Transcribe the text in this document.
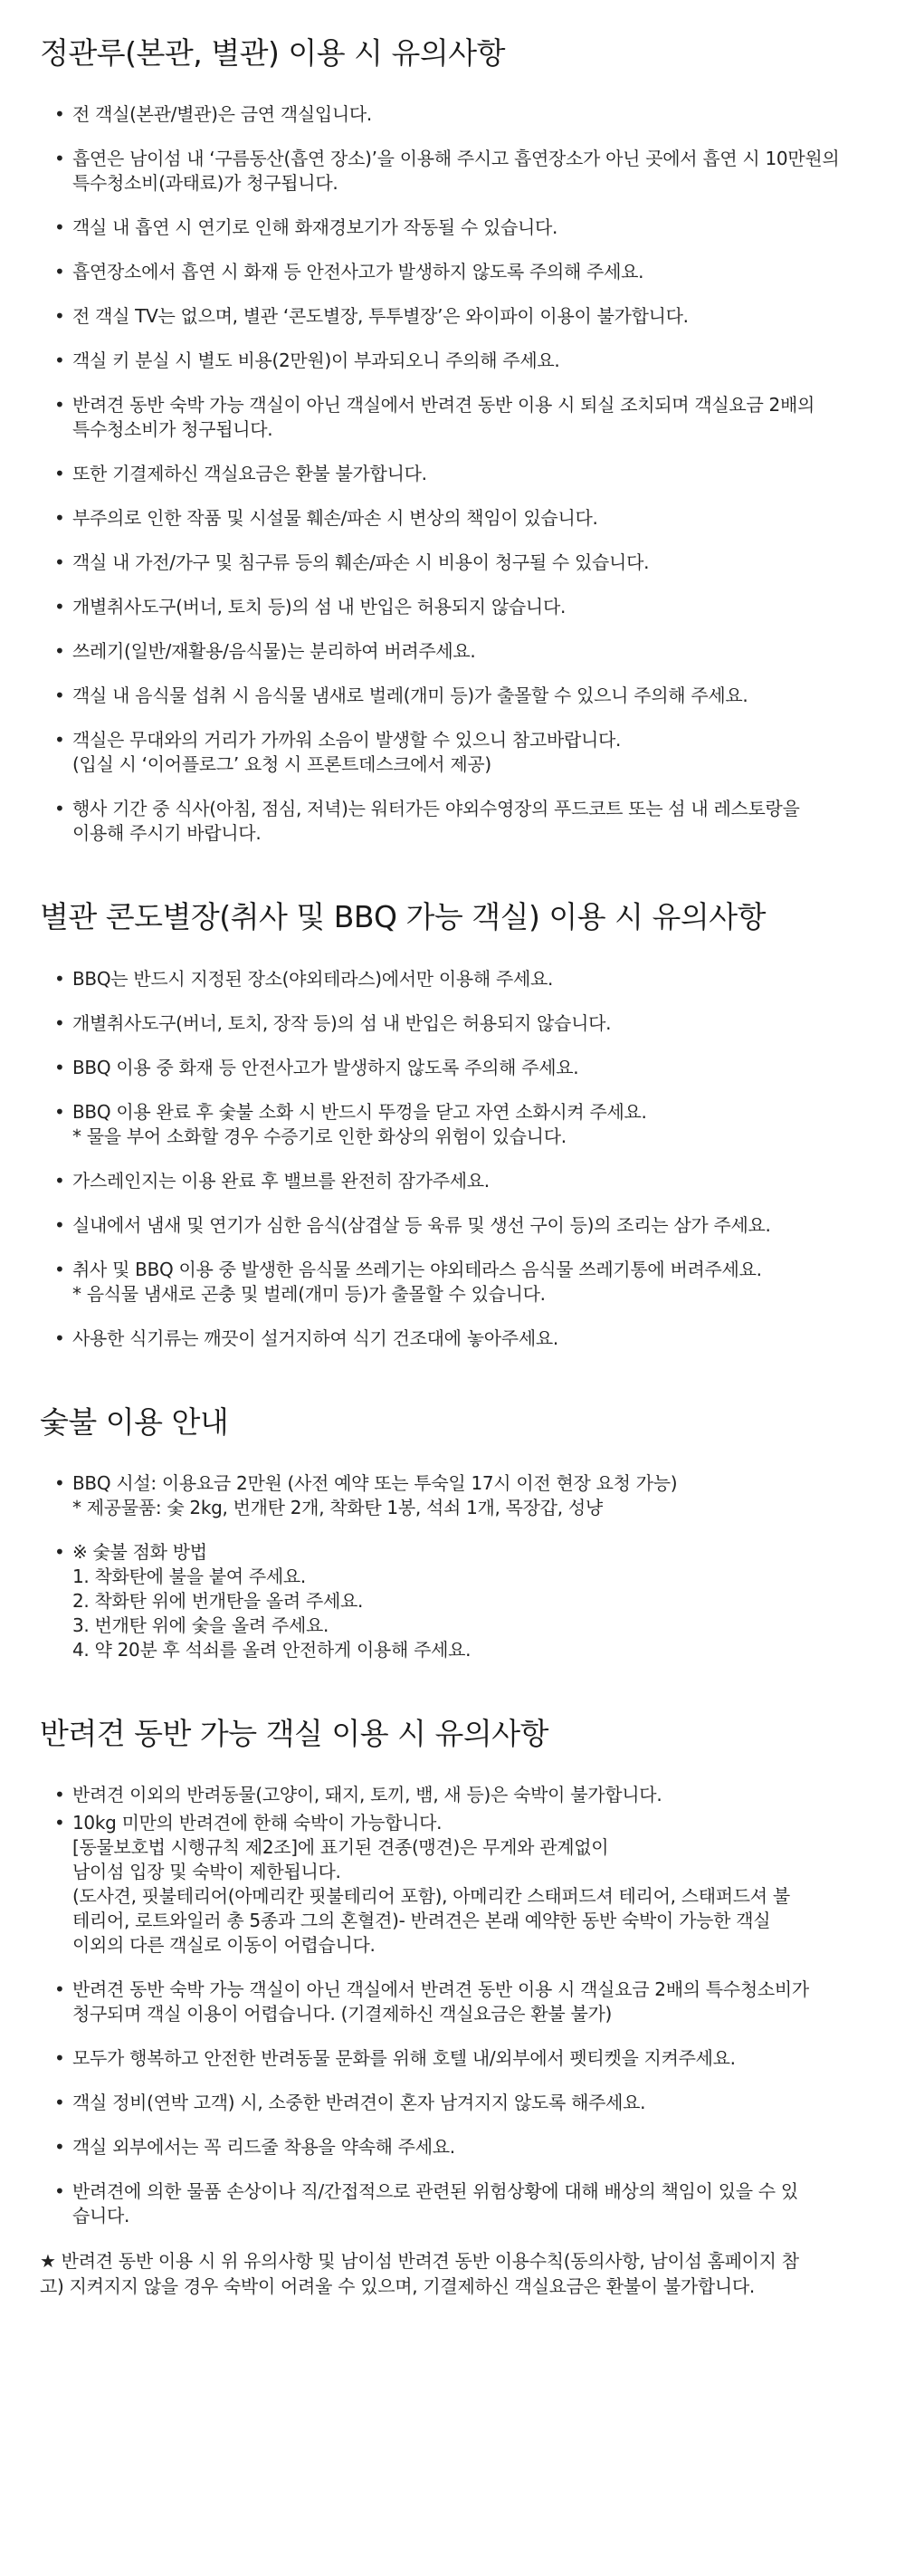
정관루(본관, 별관) 이용 시 유의사항
• 전 객실(본관/별관)은 금연 객실입니다.
• 흡연은 남이섬 내 ‘구름동산(흡연 장소)’을 이용해 주시고 흡연장소가 아닌 곳에서 흡연 시 10만원의
특수청소비(과태료)가 청구됩니다.
• 객실 내 흡연 시 연기로 인해 화재경보기가 작동될 수 있습니다.
• 흡연장소에서 흡연 시 화재 등 안전사고가 발생하지 않도록 주의해 주세요.
• 전 객실 TV는 없으며, 별관 ‘콘도별장, 투투별장’은 와이파이 이용이 불가합니다.
• 객실 키 분실 시 별도 비용(2만원)이 부과되오니 주의해 주세요.
• 반려견 동반 숙박 가능 객실이 아닌 객실에서 반려견 동반 이용 시 퇴실 조치되며 객실요금 2배의
특수청소비가 청구됩니다.
• 또한 기결제하신 객실요금은 환불 불가합니다.
• 부주의로 인한 작품 및 시설물 훼손/파손 시 변상의 책임이 있습니다.
• 객실 내 가전/가구 및 침구류 등의 훼손/파손 시 비용이 청구될 수 있습니다.
• 개별취사도구(버너, 토치 등)의 섬 내 반입은 허용되지 않습니다.
• 쓰레기(일반/재활용/음식물)는 분리하여 버려주세요.
• 객실 내 음식물 섭취 시 음식물 냄새로 벌레(개미 등)가 출몰할 수 있으니 주의해 주세요.
• 객실은 무대와의 거리가 가까워 소음이 발생할 수 있으니 참고바랍니다.
(입실 시 ‘이어플로그’ 요청 시 프론트데스크에서 제공)
• 행사 기간 중 식사(아침, 점심, 저녁)는 워터가든 야외수영장의 푸드코트 또는 섬 내 레스토랑을
이용해 주시기 바랍니다.
별관 콘도별장(취사 및 BBQ 가능 객실) 이용 시 유의사항
• BBQ는 반드시 지정된 장소(야외테라스)에서만 이용해 주세요.
• 개별취사도구(버너, 토치, 장작 등)의 섬 내 반입은 허용되지 않습니다.
• BBQ 이용 중 화재 등 안전사고가 발생하지 않도록 주의해 주세요.
• BBQ 이용 완료 후 숯불 소화 시 반드시 뚜껑을 닫고 자연 소화시켜 주세요.
* 물을 부어 소화할 경우 수증기로 인한 화상의 위험이 있습니다.
• 가스레인지는 이용 완료 후 밸브를 완전히 잠가주세요.
• 실내에서 냄새 및 연기가 심한 음식(삼겹살 등 육류 및 생선 구이 등)의 조리는 삼가 주세요.
• 취사 및 BBQ 이용 중 발생한 음식물 쓰레기는 야외테라스 음식물 쓰레기통에 버려주세요.
* 음식물 냄새로 곤충 및 벌레(개미 등)가 출몰할 수 있습니다.
• 사용한 식기류는 깨끗이 설거지하여 식기 건조대에 놓아주세요.
숯불 이용 안내
• BBQ 시설: 이용요금 2만원 (사전 예약 또는 투숙일 17시 이전 현장 요청 가능)
* 제공물품: 숯 2kg, 번개탄 2개, 착화탄 1봉, 석쇠 1개, 목장갑, 성냥
• ※ 숯불 점화 방법
1. 착화탄에 불을 붙여 주세요.
2. 착화탄 위에 번개탄을 올려 주세요.
3. 번개탄 위에 숯을 올려 주세요.
4. 약 20분 후 석쇠를 올려 안전하게 이용해 주세요.
반려견 동반 가능 객실 이용 시 유의사항
• 반려견 이외의 반려동물(고양이, 돼지, 토끼, 뱀, 새 등)은 숙박이 불가합니다.
• 10kg 미만의 반려견에 한해 숙박이 가능합니다.
[동물보호법 시행규칙 제2조]에 표기된 견종(맹견)은 무게와 관계없이
남이섬 입장 및 숙박이 제한됩니다.
(도사견, 핏불테리어(아메리칸 핏불테리어 포함), 아메리칸 스태퍼드셔 테리어, 스태퍼드셔 불
테리어, 로트와일러 총 5종과 그의 혼혈견)- 반려견은 본래 예약한 동반 숙박이 가능한 객실
이외의 다른 객실로 이동이 어렵습니다.
• 반려견 동반 숙박 가능 객실이 아닌 객실에서 반려견 동반 이용 시 객실요금 2배의 특수청소비가
청구되며 객실 이용이 어렵습니다. (기결제하신 객실요금은 환불 불가)
• 모두가 행복하고 안전한 반려동물 문화를 위해 호텔 내/외부에서 펫티켓을 지켜주세요.
• 객실 정비(연박 고객) 시, 소중한 반려견이 혼자 남겨지지 않도록 해주세요.
• 객실 외부에서는 꼭 리드줄 착용을 약속해 주세요.
• 반려견에 의한 물품 손상이나 직/간접적으로 관련된 위험상황에 대해 배상의 책임이 있을 수 있
습니다.

★ 반려견 동반 이용 시 위 유의사항 및 남이섬 반려견 동반 이용수칙(동의사항, 남이섬 홈페이지 참
고) 지켜지지 않을 경우 숙박이 어려울 수 있으며, 기결제하신 객실요금은 환불이 불가합니다.
